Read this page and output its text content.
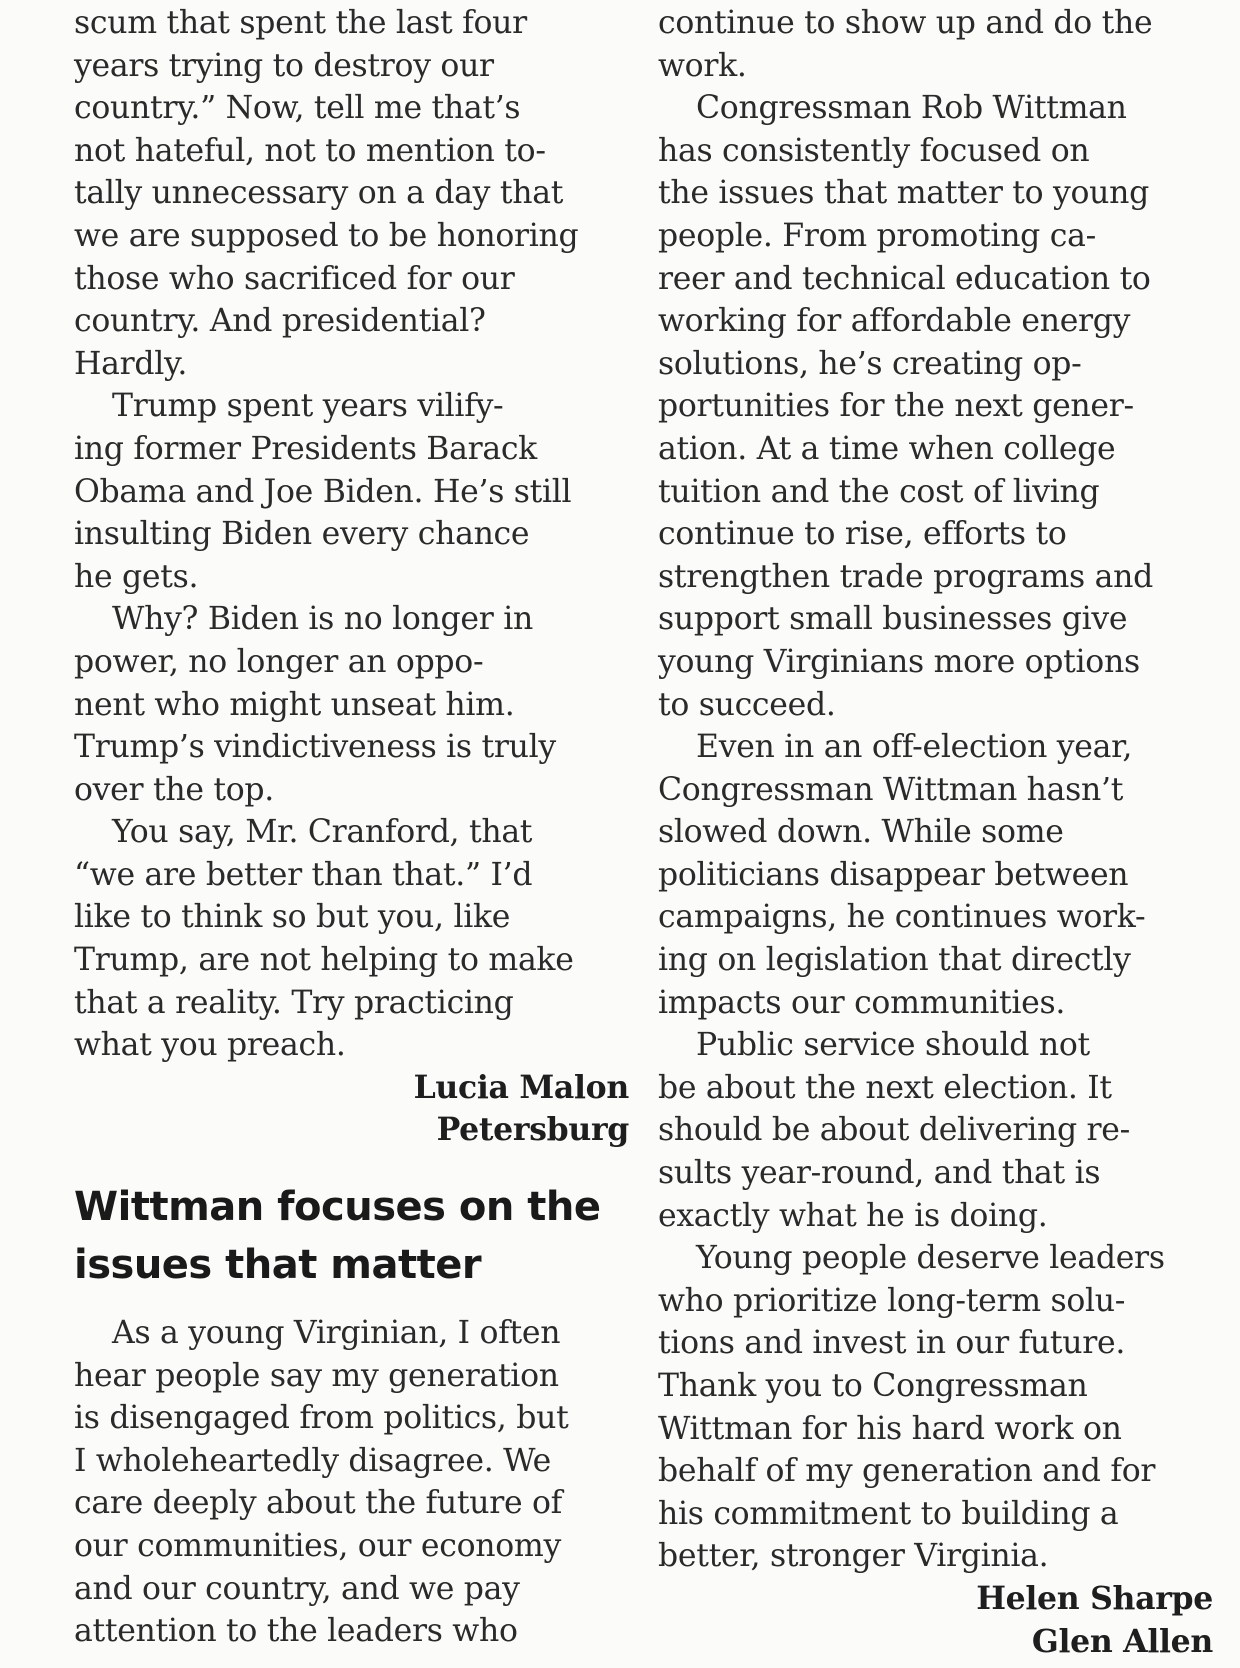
scum that spent the last four
years trying to destroy our
country.” Now, tell me that’s
not hateful, not to mention to-
tally unnecessary on a day that
we are supposed to be honoring
those who sacrificed for our
country. And presidential?
Hardly.
Trump spent years vilify-
ing former Presidents Barack
Obama and Joe Biden. He’s still
insulting Biden every chance
he gets.
Why? Biden is no longer in
power, no longer an oppo-
nent who might unseat him.
Trump’s vindictiveness is truly
over the top.
You say, Mr. Cranford, that
“we are better than that.” I’d
like to think so but you, like
Trump, are not helping to make
that a reality. Try practicing
what you preach.
Lucia Malon
Petersburg
Wittman focuses on the
issues that matter
As a young Virginian, I often
hear people say my generation
is disengaged from politics, but
I wholeheartedly disagree. We
care deeply about the future of
our communities, our economy
and our country, and we pay
attention to the leaders who
continue to show up and do the
work.
Congressman Rob Wittman
has consistently focused on
the issues that matter to young
people. From promoting ca-
reer and technical education to
working for affordable energy
solutions, he’s creating op-
portunities for the next gener-
ation. At a time when college
tuition and the cost of living
continue to rise, efforts to
strengthen trade programs and
support small businesses give
young Virginians more options
to succeed.
Even in an off-election year,
Congressman Wittman hasn’t
slowed down. While some
politicians disappear between
campaigns, he continues work-
ing on legislation that directly
impacts our communities.
Public service should not
be about the next election. It
should be about delivering re-
sults year-round, and that is
exactly what he is doing.
Young people deserve leaders
who prioritize long-term solu-
tions and invest in our future.
Thank you to Congressman
Wittman for his hard work on
behalf of my generation and for
his commitment to building a
better, stronger Virginia.
Helen Sharpe
Glen Allen
